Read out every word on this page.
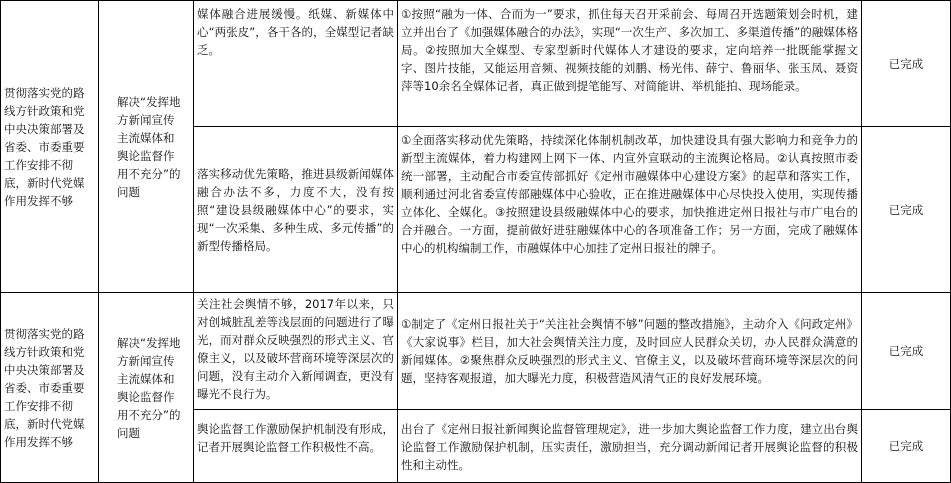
贯彻落实党的路线方针政策和党中央决策部署及省委、市委重要工作安排不彻底，新时代党媒作用发挥不够
解决“发挥地方新闻宣传主流媒体和舆论监督作用不充分”的问题
媒体融合进展缓慢。纸媒、新媒体中心“两张皮”，各干各的，全媒型记者缺乏。
①按照“融为一体、合而为一”要求，抓住每天召开采前会、每周召开选题策划会时机，建立并出台了《加强媒体融合的办法》，实现“一次生产、多次加工、多渠道传播”的融媒体格局。②按照加大全媒型、专家型新时代媒体人才建设的要求，定向培养一批既能掌握文字、图片技能，又能运用音频、视频技能的刘鹏、杨光伟、薛宁、鲁丽华、张玉凤、聂资萍等10余名全媒体记者，真正做到提笔能写、对简能讲、举机能拍、现场能录。
已完成
落实移动优先策略，推进县级新闻媒体融合办法不多，力度不大，没有按照“建设县级融媒体中心”的要求，实现“一次采集、多种生成、多元传播”的新型传播格局。
①全面落实移动优先策略，持续深化体制机制改革，加快建设具有强大影响力和竞争力的新型主流媒体，着力构建网上网下一体、内宣外宣联动的主流舆论格局。②认真按照市委统一部署，主动配合市委宣传部抓好《定州市融媒体中心建设方案》的起草和落实工作，顺利通过河北省委宣传部融媒体中心验收，正在推进融媒体中心尽快投入使用，实现传播立体化、全媒化。③按照建设县级融媒体中心的要求，加快推进定州日报社与市广电台的合并融合。一方面，提前做好进驻融媒体中心的各项准备工作；另一方面，完成了融媒体中心的机构编制工作，市融媒体中心加挂了定州日报社的牌子。
已完成
贯彻落实党的路线方针政策和党中央决策部署及省委、市委重要工作安排不彻底，新时代党媒作用发挥不够
解决“发挥地方新闻宣传主流媒体和舆论监督作用不充分”的问题
关注社会舆情不够，2017年以来，只对创城脏乱差等浅层面的问题进行了曝光，而对群众反映强烈的形式主义、官僚主义，以及破坏营商环境等深层次的问题，没有主动介入新闻调查，更没有曝光不良行为。
①制定了《定州日报社关于“关注社会舆情不够”问题的整改措施》，主动介入《问政定州》《大家说事》栏目，加大社会舆情关注力度，及时回应人民群众关切，办人民群众满意的新闻媒体。②聚焦群众反映强烈的形式主义、官僚主义，以及破坏营商环境等深层次的问题，坚持客观报道，加大曝光力度，积极营造风清气正的良好发展环境。
已完成
舆论监督工作激励保护机制没有形成，记者开展舆论监督工作积极性不高。
出台了《定州日报社新闻舆论监督管理规定》，进一步加大舆论监督工作力度，建立出台舆论监督工作激励保护机制，压实责任，激励担当，充分调动新闻记者开展舆论监督的积极性和主动性。
已完成
